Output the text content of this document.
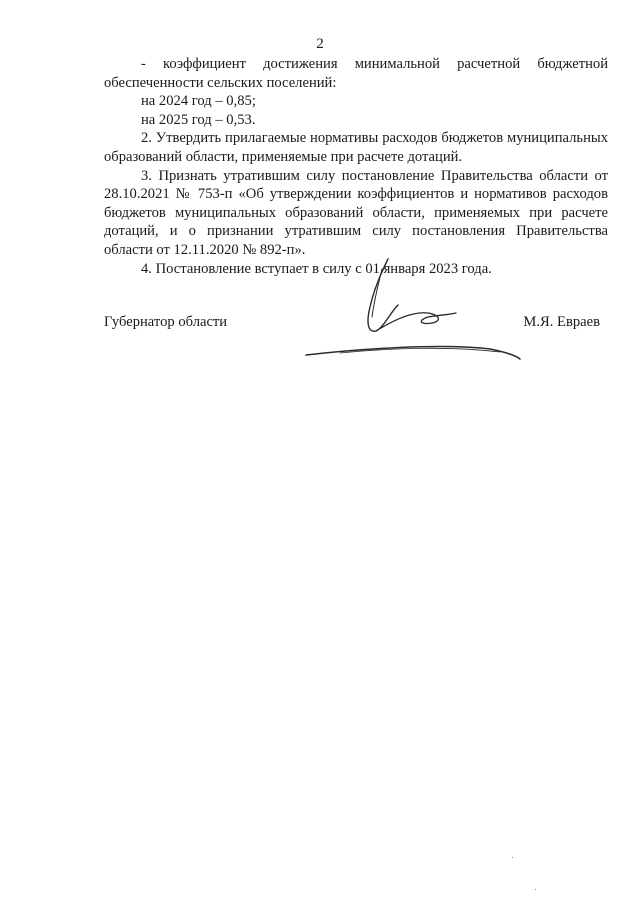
2

- коэффициент достижения минимальной расчетной бюджетной обеспеченности сельских поселений:

на 2024 год – 0,85;

на 2025 год – 0,53.

2. Утвердить прилагаемые нормативы расходов бюджетов муниципальных образований области, применяемые при расчете дотаций.

3. Признать утратившим силу постановление Правительства области от 28.10.2021 № 753-п «Об утверждении коэффициентов и нормативов расходов бюджетов муниципальных образований области, применяемых при расчете дотаций, и о признании утратившим силу постановления Правительства области от 12.11.2020 № 892-п».

4. Постановление вступает в силу с 01 января 2023 года.

Губернатор области	М.Я. Евраев
